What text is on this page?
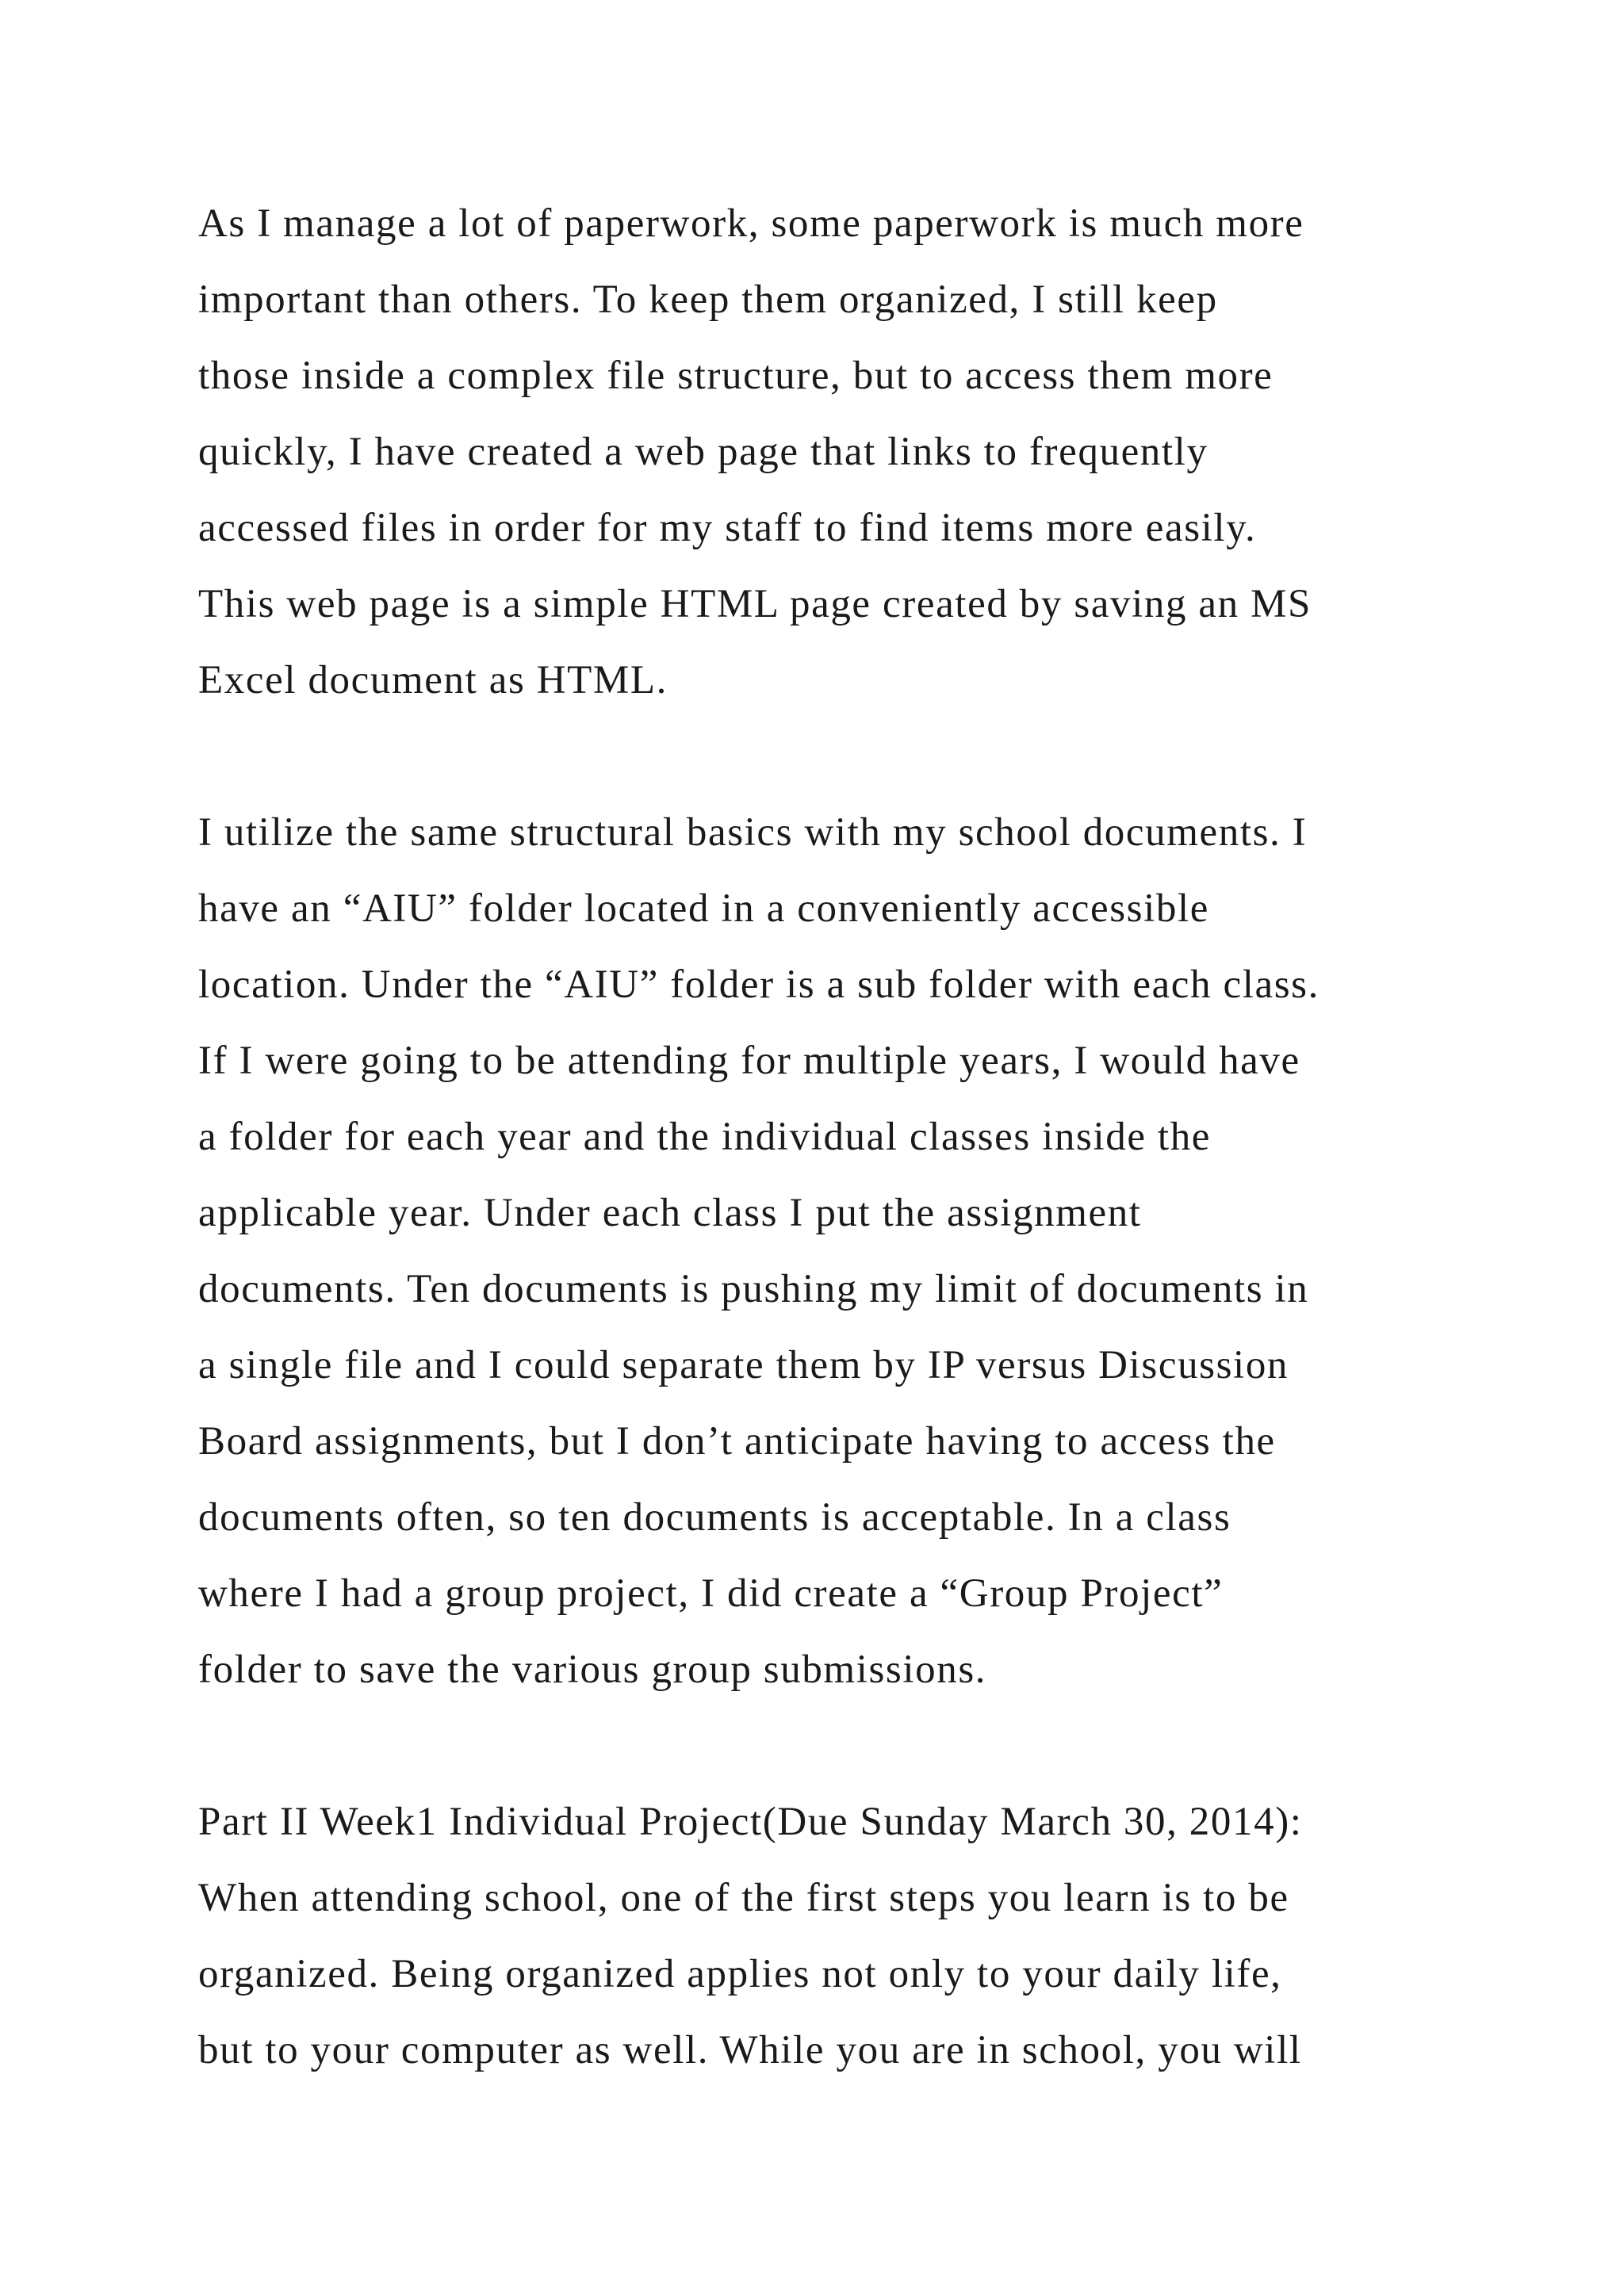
As I manage a lot of paperwork, some paperwork is much more
important than others. To keep them organized, I still keep
those inside a complex file structure, but to access them more
quickly, I have created a web page that links to frequently
accessed files in order for my staff to find items more easily.
This web page is a simple HTML page created by saving an MS
Excel document as HTML.
I utilize the same structural basics with my school documents. I
have an “AIU” folder located in a conveniently accessible
location. Under the “AIU” folder is a sub folder with each class.
If I were going to be attending for multiple years, I would have
a folder for each year and the individual classes inside the
applicable year. Under each class I put the assignment
documents. Ten documents is pushing my limit of documents in
a single file and I could separate them by IP versus Discussion
Board assignments, but I don’t anticipate having to access the
documents often, so ten documents is acceptable. In a class
where I had a group project, I did create a “Group Project”
folder to save the various group submissions.
Part II Week1 Individual Project(Due Sunday March 30, 2014):
When attending school, one of the first steps you learn is to be
organized. Being organized applies not only to your daily life,
but to your computer as well. While you are in school, you will
